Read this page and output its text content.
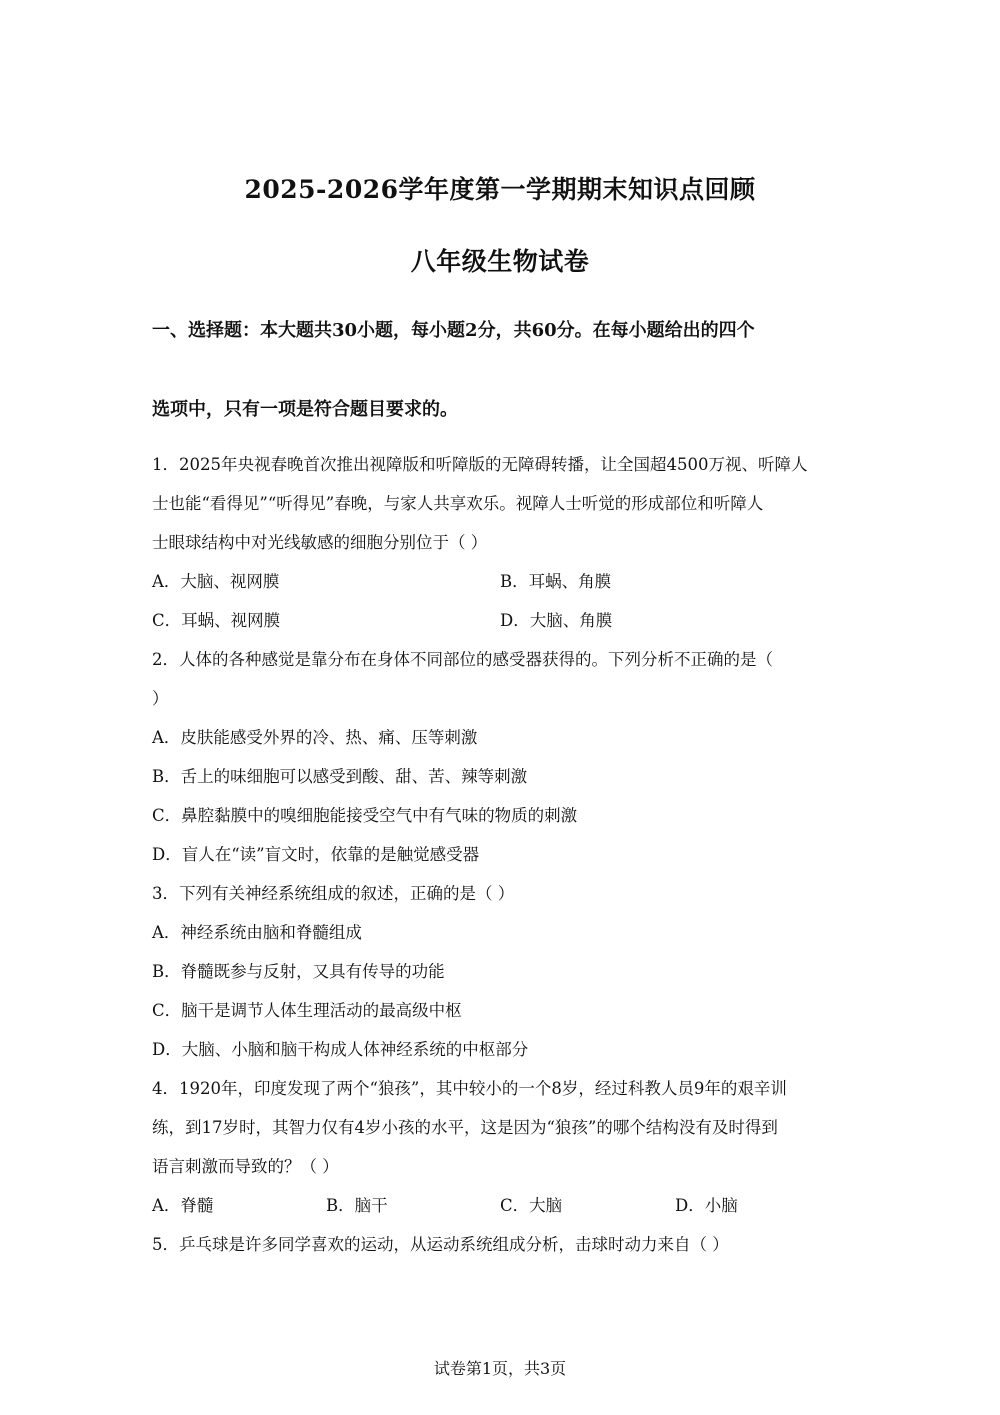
2025-2026学年度第一学期期末知识点回顾
八年级生物试卷
一、选择题：本大题共30小题，每小题2分，共60分。在每小题给出的四个
选项中，只有一项是符合题目要求的。
1．2025年央视春晚首次推出视障版和听障版的无障碍转播，让全国超4500万视、听障人
士也能“看得见”“听得见”春晚，与家人共享欢乐。视障人士听觉的形成部位和听障人
士眼球结构中对光线敏感的细胞分别位于（ ）
A．大脑、视网膜	B．耳蜗、角膜
C．耳蜗、视网膜	D．大脑、角膜
2．人体的各种感觉是靠分布在身体不同部位的感受器获得的。下列分析不正确的是（
）
A．皮肤能感受外界的冷、热、痛、压等刺激
B．舌上的味细胞可以感受到酸、甜、苦、辣等刺激
C．鼻腔黏膜中的嗅细胞能接受空气中有气味的物质的刺激
D．盲人在“读”盲文时，依靠的是触觉感受器
3．下列有关神经系统组成的叙述，正确的是（ ）
A．神经系统由脑和脊髓组成
B．脊髓既参与反射，又具有传导的功能
C．脑干是调节人体生理活动的最高级中枢
D．大脑、小脑和脑干构成人体神经系统的中枢部分
4．1920年，印度发现了两个“狼孩”，其中较小的一个8岁，经过科教人员9年的艰辛训
练，到17岁时，其智力仅有4岁小孩的水平，这是因为“狼孩”的哪个结构没有及时得到
语言刺激而导致的？（ ）
A．脊髓	B．脑干	C．大脑	D．小脑
5．乒乓球是许多同学喜欢的运动，从运动系统组成分析，击球时动力来自（ ）
试卷第1页，共3页
